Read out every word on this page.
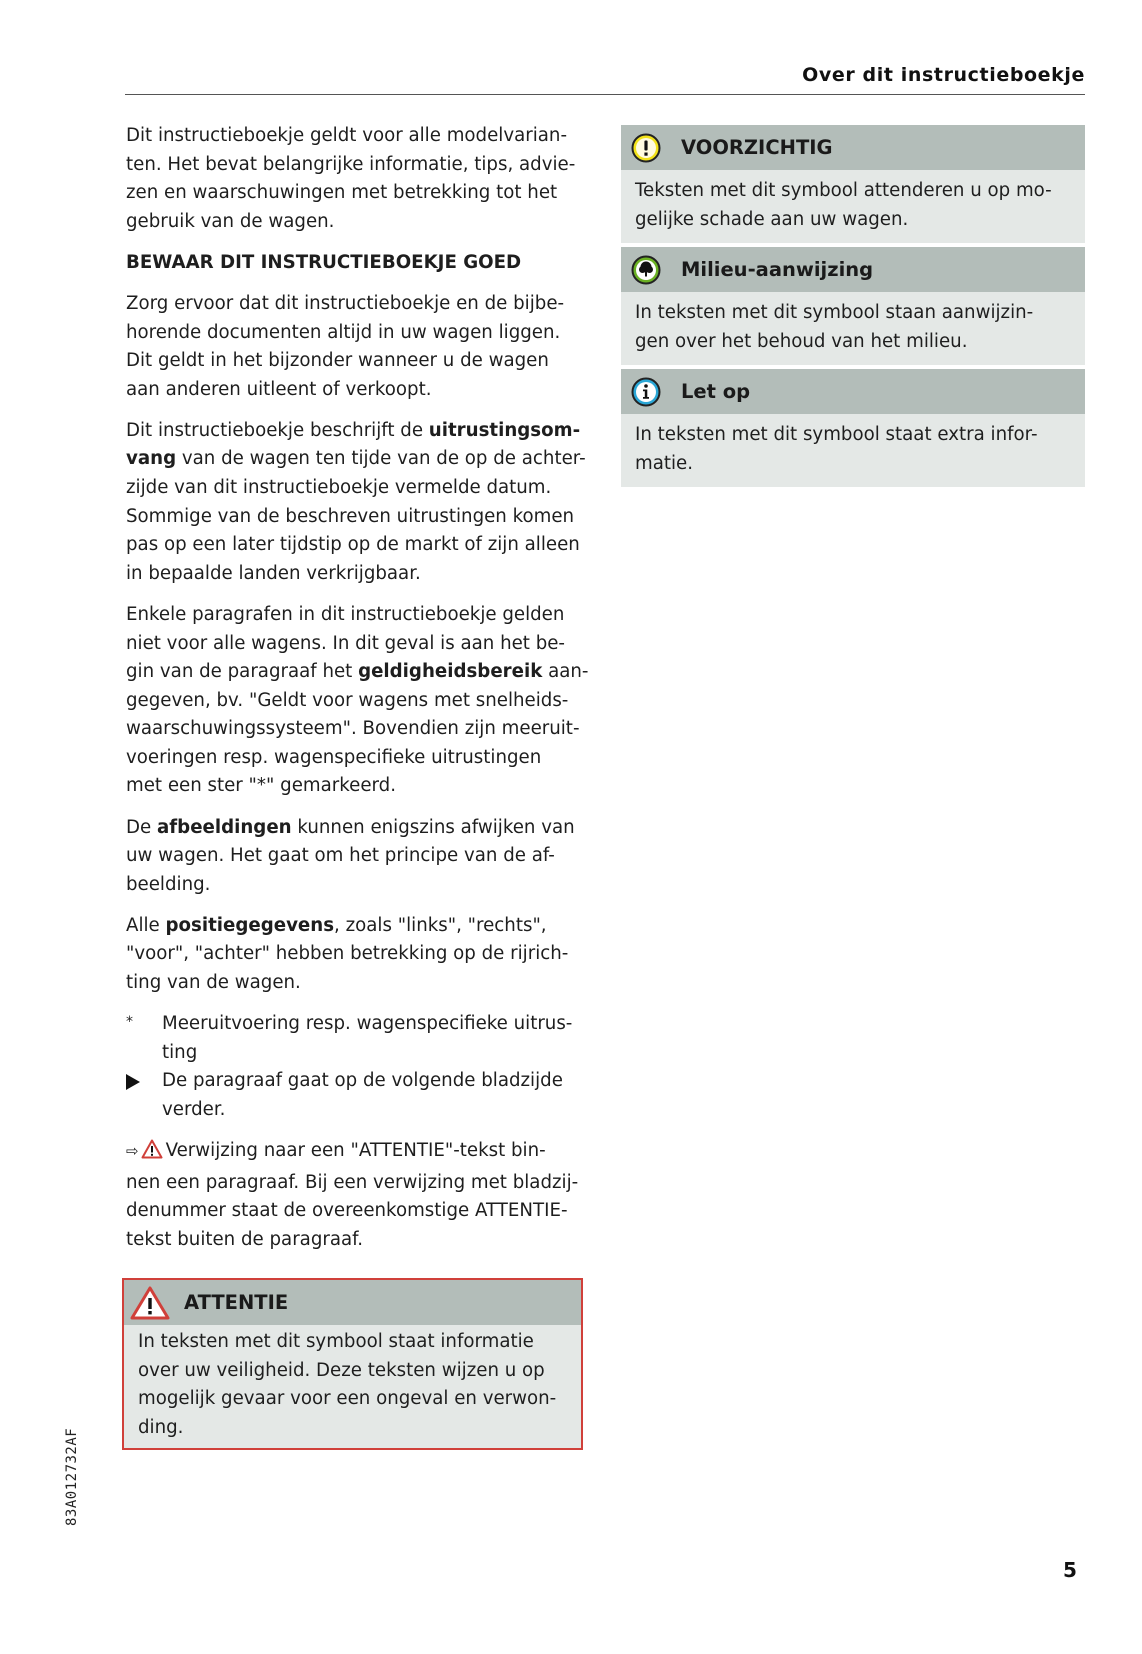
Over dit instructieboekje

Dit instructieboekje geldt voor alle modelvarian-
ten. Het bevat belangrijke informatie, tips, advie-
zen en waarschuwingen met betrekking tot het
gebruik van de wagen.

BEWAAR DIT INSTRUCTIEBOEKJE GOED

Zorg ervoor dat dit instructieboekje en de bijbe-
horende documenten altijd in uw wagen liggen.
Dit geldt in het bijzonder wanneer u de wagen
aan anderen uitleent of verkoopt.

Dit instructieboekje beschrijft de uitrustingsom-
vang van de wagen ten tijde van de op de achter-
zijde van dit instructieboekje vermelde datum.
Sommige van de beschreven uitrustingen komen
pas op een later tijdstip op de markt of zijn alleen
in bepaalde landen verkrijgbaar.

Enkele paragrafen in dit instructieboekje gelden
niet voor alle wagens. In dit geval is aan het be-
gin van de paragraaf het geldigheidsbereik aan-
gegeven, bv. "Geldt voor wagens met snelheids-
waarschuwingssysteem". Bovendien zijn meeruit-
voeringen resp. wagenspecifieke uitrustingen
met een ster "*" gemarkeerd.

De afbeeldingen kunnen enigszins afwijken van
uw wagen. Het gaat om het principe van de af-
beelding.

Alle positiegegevens, zoals "links", "rechts",
"voor", "achter" hebben betrekking op de rijrich-
ting van de wagen.

*	Meeruitvoering resp. wagenspecifieke uitrus-
ting
De paragraaf gaat op de volgende bladzijde
verder.

⇨ Verwijzing naar een "ATTENTIE"-tekst bin-
nen een paragraaf. Bij een verwijzing met bladzij-
denummer staat de overeenkomstige ATTENTIE-
tekst buiten de paragraaf.

ATTENTIE
In teksten met dit symbool staat informatie
over uw veiligheid. Deze teksten wijzen u op
mogelijk gevaar voor een ongeval en verwon-
ding.
VOORZICHTIG
Teksten met dit symbool attenderen u op mo-
gelijke schade aan uw wagen.
Milieu-aanwijzing
In teksten met dit symbool staan aanwijzin-
gen over het behoud van het milieu.
Let op
In teksten met dit symbool staat extra infor-
matie.
83A012732AF
5
